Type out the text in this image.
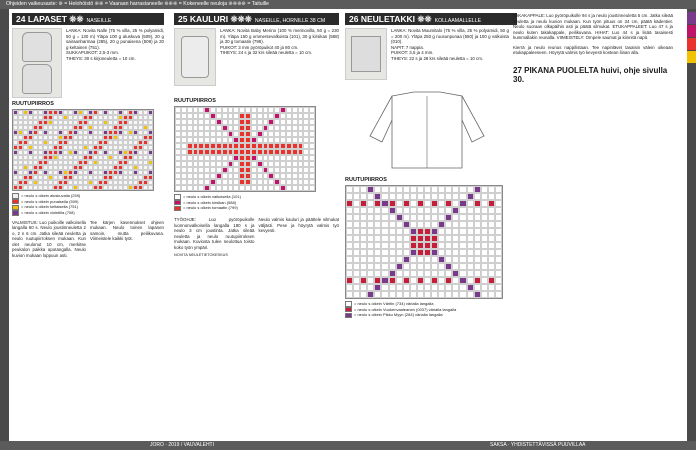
Ohjeiden vaikeusaste: ❊ = Helohöistö ❊❊ = Vaaraan harrastaneelle ❊❊❊ = Kokeneelle neuloja ❊❊❊❊ = Taituille
24 LAPASET ❊❊ NASEILLE
LANKA: Novita Nalle (75 % villa, 25 % polyamidi, 50 g = 130 m) Yläpa 100 g aluskuva (509), 20 g sairaanharmaa (285), 20 g punaisena (509) ja 20 g keltainen (751).
SUKKAPUIKOT: 2,5-3 mm.
TIHEYS: 30 s kirjoneuletta = 10 cm.
RUUTUPIIRROS
= neulo s oikein aluskuvalla (259)
= neulo s oikein punaisella (509)
= neulo s oikein keltaisella (751)
= neulo s oikein violetilla (708)
VALMISTUS: Luo puikoille valkoisella langalla 60 s. Neulo joustinneuletta 2 o, 2 n 6 cm. Jatka sileää neuletta ja neulo ruutupiirroksen mukaan. Kun olet neulonut 10 cm, merkitse peukalon paikka aputangalla. Neulo kuvion mukaan loppuun asti.
Tee kärjen kavennukset ohjeen mukaan. Neulo toinen lapanen samoin, mutta peilikuvana. Viimeistele kaikki työt.
25 KAULURI ❊❊❊ NASEILLE, HORNILLE 38 CM
LANKA: Novita Baby Merino (100 % merinovilla, 50 g = 230 m). Yläpa 150 g ommentevalkoista (101), 30 g kirsikan (588) ja 30 g tomaatin (799).
PUIKOT: 3 mm pyöröpuikot 40 ja 80 cm.
TIHEYS: 24 s ja 32 krs sileää neuletta = 10 cm.
RUUTUPIIRROS
= neulo s oikein valkoisella (101)
= neulo s oikein kirsikan (588)
= neulo s oikein tomaatin (799)
TYÖOHJE: Luo pyöröpuikolle luonnonvalkoisella langalla 180 s ja neulo 3 cm joustinta. Jatka sileää neuletta ja neulo ruutupiirroksen mukaan. Kuviosta tulee neulottua toisto koko työn ympäri.
Neulo valmis kauluri ja päättele silmukat väljästi. Pese ja höyrytä valmis työ kevyesti.
NOVITA NEULETIETOKESKUS
26 NEULETAKKI ❊❊ KOLLAAMALLELLE
LANKA: Novita Muumitalo (75 % villa, 25 % polyamidi, 50 g = 200 m). Yläpa 250 g ruusunpunaa (550) ja 100 g valkoista (010).
NAPIT: 7 nappia.
PUIKOT: 3,5 ja 4 mm.
TIHEYS: 22 s ja 28 krs sileää neuletta = 10 cm.
RUUTUPIIRROS
= neulo s oikein Väritin (734) värialla langalla
= neulo s oikein Vuokenvaaleanen (0037) värialla langalla
= neulo s oikein Pikku Myyn (284) värialla langalla
TAKAKAPPALE: Luo pyöröpuikolle 94 s ja neulo joustinneuletta 5 cm. Jatka sileää neuletta ja neulo kuvion mukaan. Kun työn pituus on 34 cm, päätä kädentiet. Neulo suoraan olkapäihin asti ja päätä silmukat. ETUKAPPALEET: Luo 47 s ja neulo kuten takakappale, peilikuvana. HIHAT: Luo 44 s ja lisää tasaisesti kummallakin reunalla. VIIMEISTELY: Ompele saumat ja kiinnitä napit.
Kierrä ja neulo reunus nappilistaan. Tee napinlävet tasaisin välein oikeaan etukappaleeseen. Höyrytä valmis työ kevyesti kostean liinan alla.
27 PIKANA PUOLELTA huivi, ohje sivulla 30.
JORO · 2019 / VAUVALEHTI	SAKSA · YHDISTETTÄVISSÄ PUUVILLAA
